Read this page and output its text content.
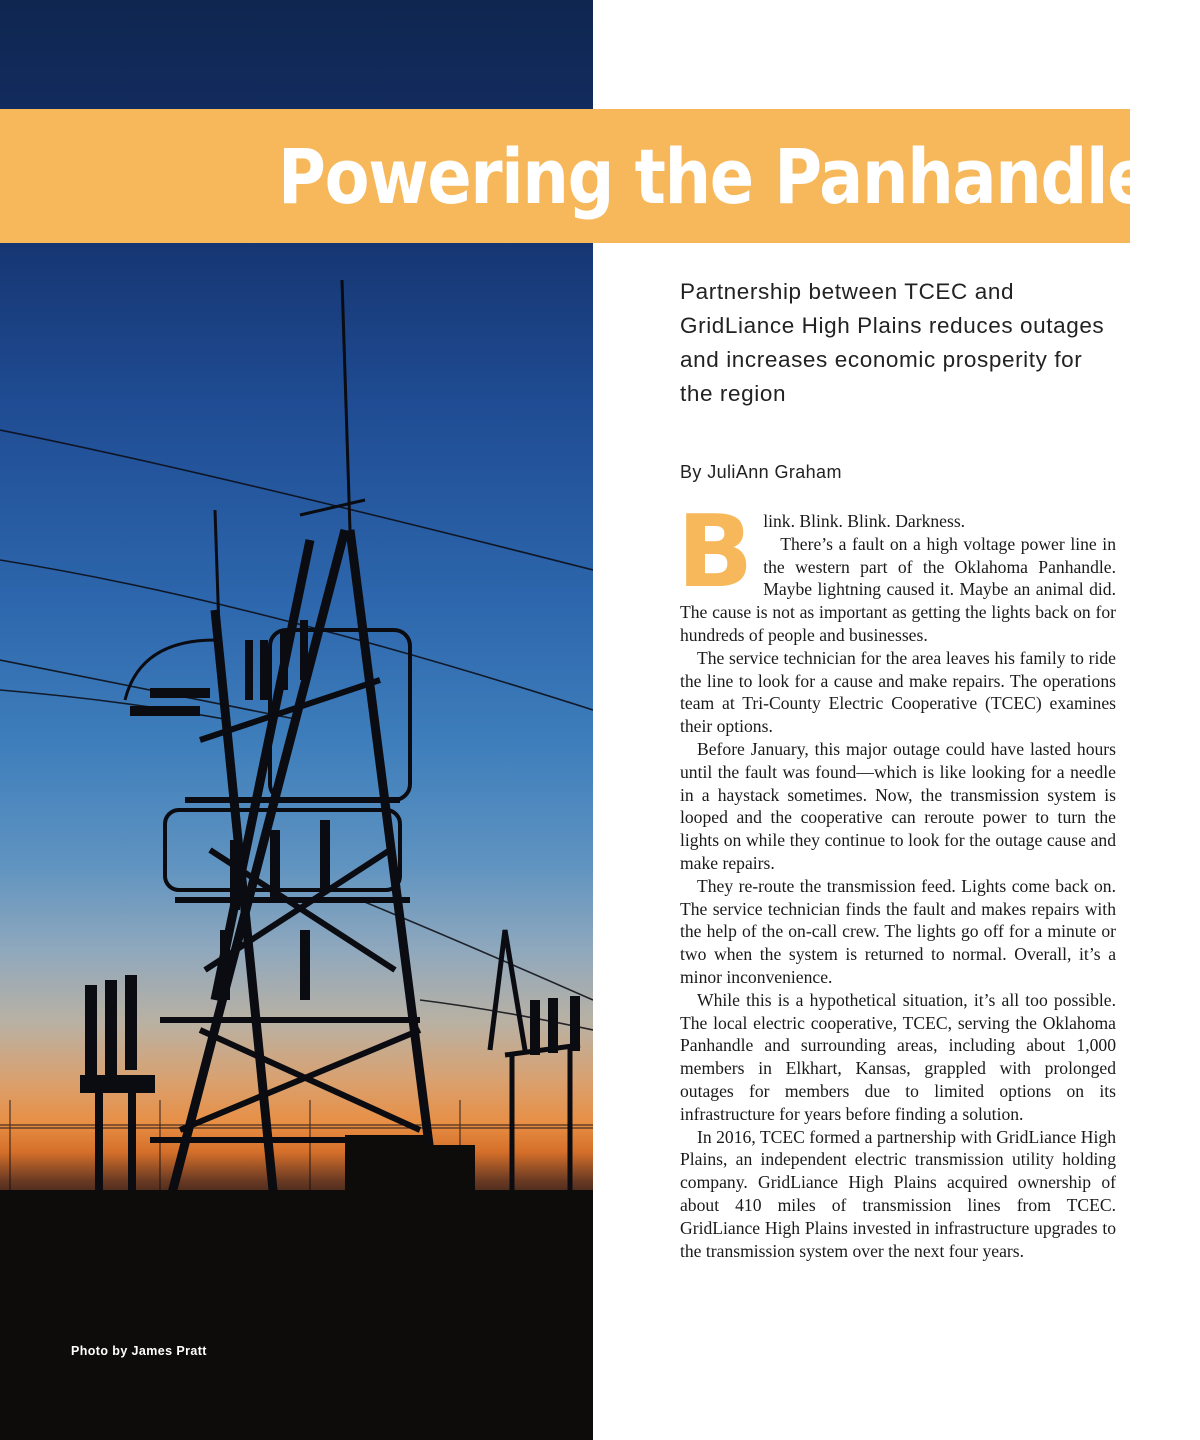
Photo by James Pratt
Powering the Panhandle
Partnership between TCEC and GridLiance High Plains reduces outages and increases economic prosperity for the region
By JuliAnn Graham

Blink. Blink. Blink. Darkness.

There’s a fault on a high voltage power line in the western part of the Oklahoma Panhandle. Maybe lightning caused it. Maybe an animal did. The cause is not as important as getting the lights back on for hundreds of people and businesses.

The service technician for the area leaves his family to ride the line to look for a cause and make repairs. The operations team at Tri-County Electric Cooperative (TCEC) examines their options.

Before January, this major outage could have lasted hours until the fault was found—which is like looking for a needle in a haystack sometimes. Now, the transmission system is looped and the cooperative can reroute power to turn the lights on while they continue to look for the outage cause and make repairs.

They re-route the transmission feed. Lights come back on. The service technician finds the fault and makes repairs with the help of the on-call crew. The lights go off for a minute or two when the system is returned to normal. Overall, it’s a minor inconvenience.

While this is a hypothetical situation, it’s all too possible. The local electric cooperative, TCEC, serving the Oklahoma Panhandle and surrounding areas, including about 1,000 members in Elkhart, Kansas, grappled with prolonged outages for members due to limited options on its infrastructure for years before finding a solution.

In 2016, TCEC formed a partnership with GridLiance High Plains, an independent electric transmission utility holding company. GridLiance High Plains acquired ownership of about 410 miles of transmission lines from TCEC. GridLiance High Plains invested in infrastructure upgrades to the transmission system over the next four years.
